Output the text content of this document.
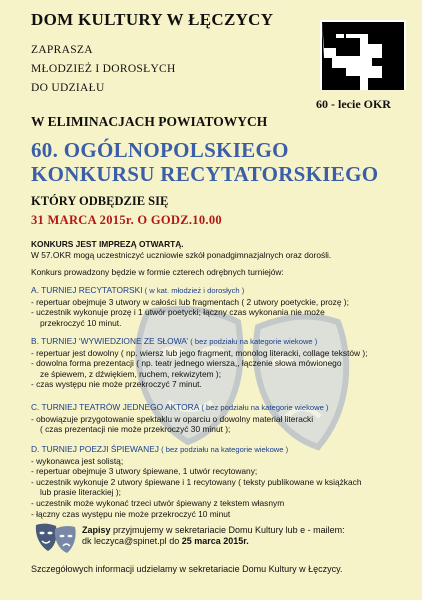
DOM KULTURY W ŁĘCZYCY
ZAPRASZA
MŁODZIEŻ I DOROSŁYCH
DO UDZIAŁU
60 - lecie OKR
W ELIMINACJACH POWIATOWYCH
60. OGÓLNOPOLSKIEGO
KONKURSU RECYTATORSKIEGO
KTÓRY ODBĘDZIE SIĘ
31 MARCA 2015r. O GODZ.10.00
KONKURS JEST IMPREZĄ OTWARTĄ.
W 57.OKR mogą uczestniczyć uczniowie szkół ponadgimnazjalnych oraz dorośli.
Konkurs prowadzony będzie w formie czterech odrębnych turniejów:
A. TURNIEJ RECYTATORSKI ( w kat. młodzież i dorosłych )
- repertuar obejmuje 3 utwory w całości lub fragmentach ( 2 utwory poetyckie, prozę );
- uczestnik wykonuje prozę i 1 utwór poetycki; łączny czas wykonania nie może
przekroczyć 10 minut.
B. TURNIEJ ‘WYWIEDZIONE ZE SŁOWA’ ( bez podziału na kategorie wiekowe )
- repertuar jest dowolny ( np. wiersz lub jego fragment, monolog literacki, collage tekstów );
- dowolna forma prezentacji ( np. teatr jednego wiersza,, łączenie słowa mówionego
ze śpiewem, z dźwiękiem, ruchem, rekwizytem );
- czas występu nie może przekroczyć 7 minut.
C. TURNIEJ TEATRÓW JEDNEGO AKTORA ( bez podziału na kategorie wiekowe )
- obowiązuje przygotowanie spektaklu w oparciu o dowolny materiał literacki
( czas prezentacji nie może przekroczyć 30 minut );
D. TURNIEJ POEZJI ŚPIEWANEJ ( bez podziału na kategorie wiekowe )
- wykonawca jest solistą;
- repertuar obejmuje 3 utwory śpiewane, 1 utwór recytowany;
- uczestnik wykonuje 2 utwory śpiewane i 1 recytowany ( teksty publikowane w książkach
lub prasie literackiej );
- uczestnik może wykonać trzeci utwór śpiewany z tekstem własnym
- łączny czas występu nie może przekroczyć 10 minut
Zapisy przyjmujemy w sekretariacie Domu Kultury lub e - mailem:
dk leczyca@spinet.pl do 25 marca 2015r.
Szczegółowych informacji udzielamy w sekretariacie Domu Kultury w Łęczycy.
